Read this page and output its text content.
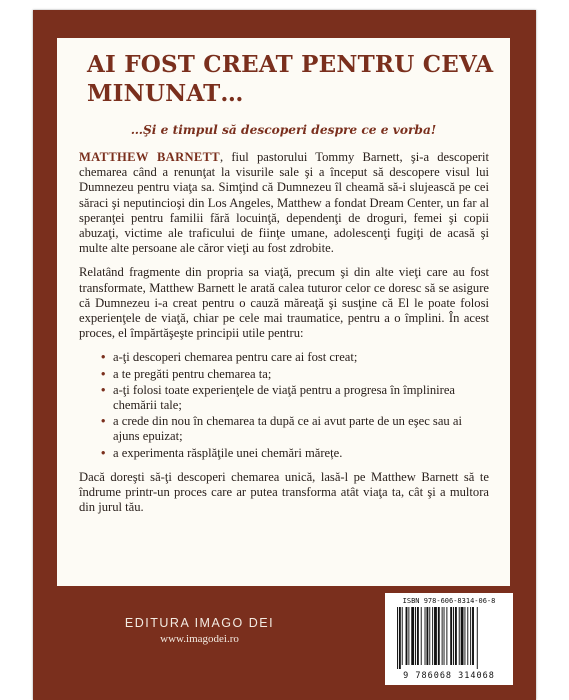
AI FOST CREAT PENTRU CEVA MINUNAT…

…Şi e timpul să descoperi despre ce e vorba!

MATTHEW BARNETT, fiul pastorului Tommy Barnett, şi-a descoperit chemarea când a renunţat la visurile sale şi a început să descopere visul lui Dumnezeu pentru viaţa sa. Simţind că Dumnezeu îl cheamă să-i slujească pe cei săraci şi neputincioşi din Los Angeles, Matthew a fondat Dream Center, un far al speranţei pentru familii fără locuinţă, dependenţi de droguri, femei şi copii abuzaţi, victime ale traficului de fiinţe umane, adolescenţi fugiţi de acasă şi multe alte persoane ale căror vieţi au fost zdrobite.

Relatând fragmente din propria sa viaţă, precum şi din alte vieţi care au fost transformate, Matthew Barnett le arată calea tuturor celor ce doresc să se asigure că Dumnezeu i-a creat pentru o cauză măreaţă şi susţine că El le poate folosi experienţele de viaţă, chiar pe cele mai traumatice, pentru a o împlini. În acest proces, el împărtăşeşte principii utile pentru:

• a-ţi descoperi chemarea pentru care ai fost creat;
• a te pregăti pentru chemarea ta;
• a-ţi folosi toate experienţele de viaţă pentru a progresa în împlinirea chemării tale;
• a crede din nou în chemarea ta după ce ai avut parte de un eşec sau ai ajuns epuizat;
• a experimenta răsplăţile unei chemări mărețe.

Dacă doreşti să-ţi descoperi chemarea unică, lasă-l pe Matthew Barnett să te îndrume printr-un proces care ar putea transforma atât viaţa ta, cât şi a multora din jurul tău.

EDITURA IMAGO DEI
www.imagodei.ro
ISBN 978-606-8314-06-8
9 786068 314068
